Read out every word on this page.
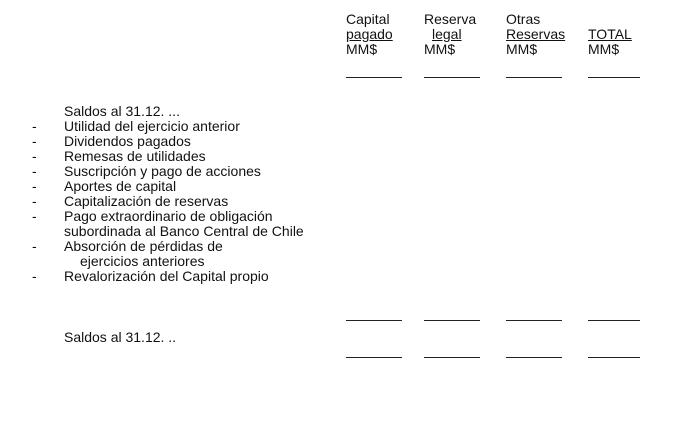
Capital
pagado
MM$
Reserva
legal
MM$
Otras
Reservas
MM$

TOTAL
MM$
Saldos al 31.12. ...
- Utilidad del ejercicio anterior
- Dividendos pagados
- Remesas de utilidades
- Suscripción y pago de acciones
- Aportes de capital
- Capitalización de reservas
- Pago extraordinario de obligación
subordinada al Banco Central de Chile
- Absorción de pérdidas de
ejercicios anteriores
- Revalorización del Capital propio
Saldos al 31.12. ..
